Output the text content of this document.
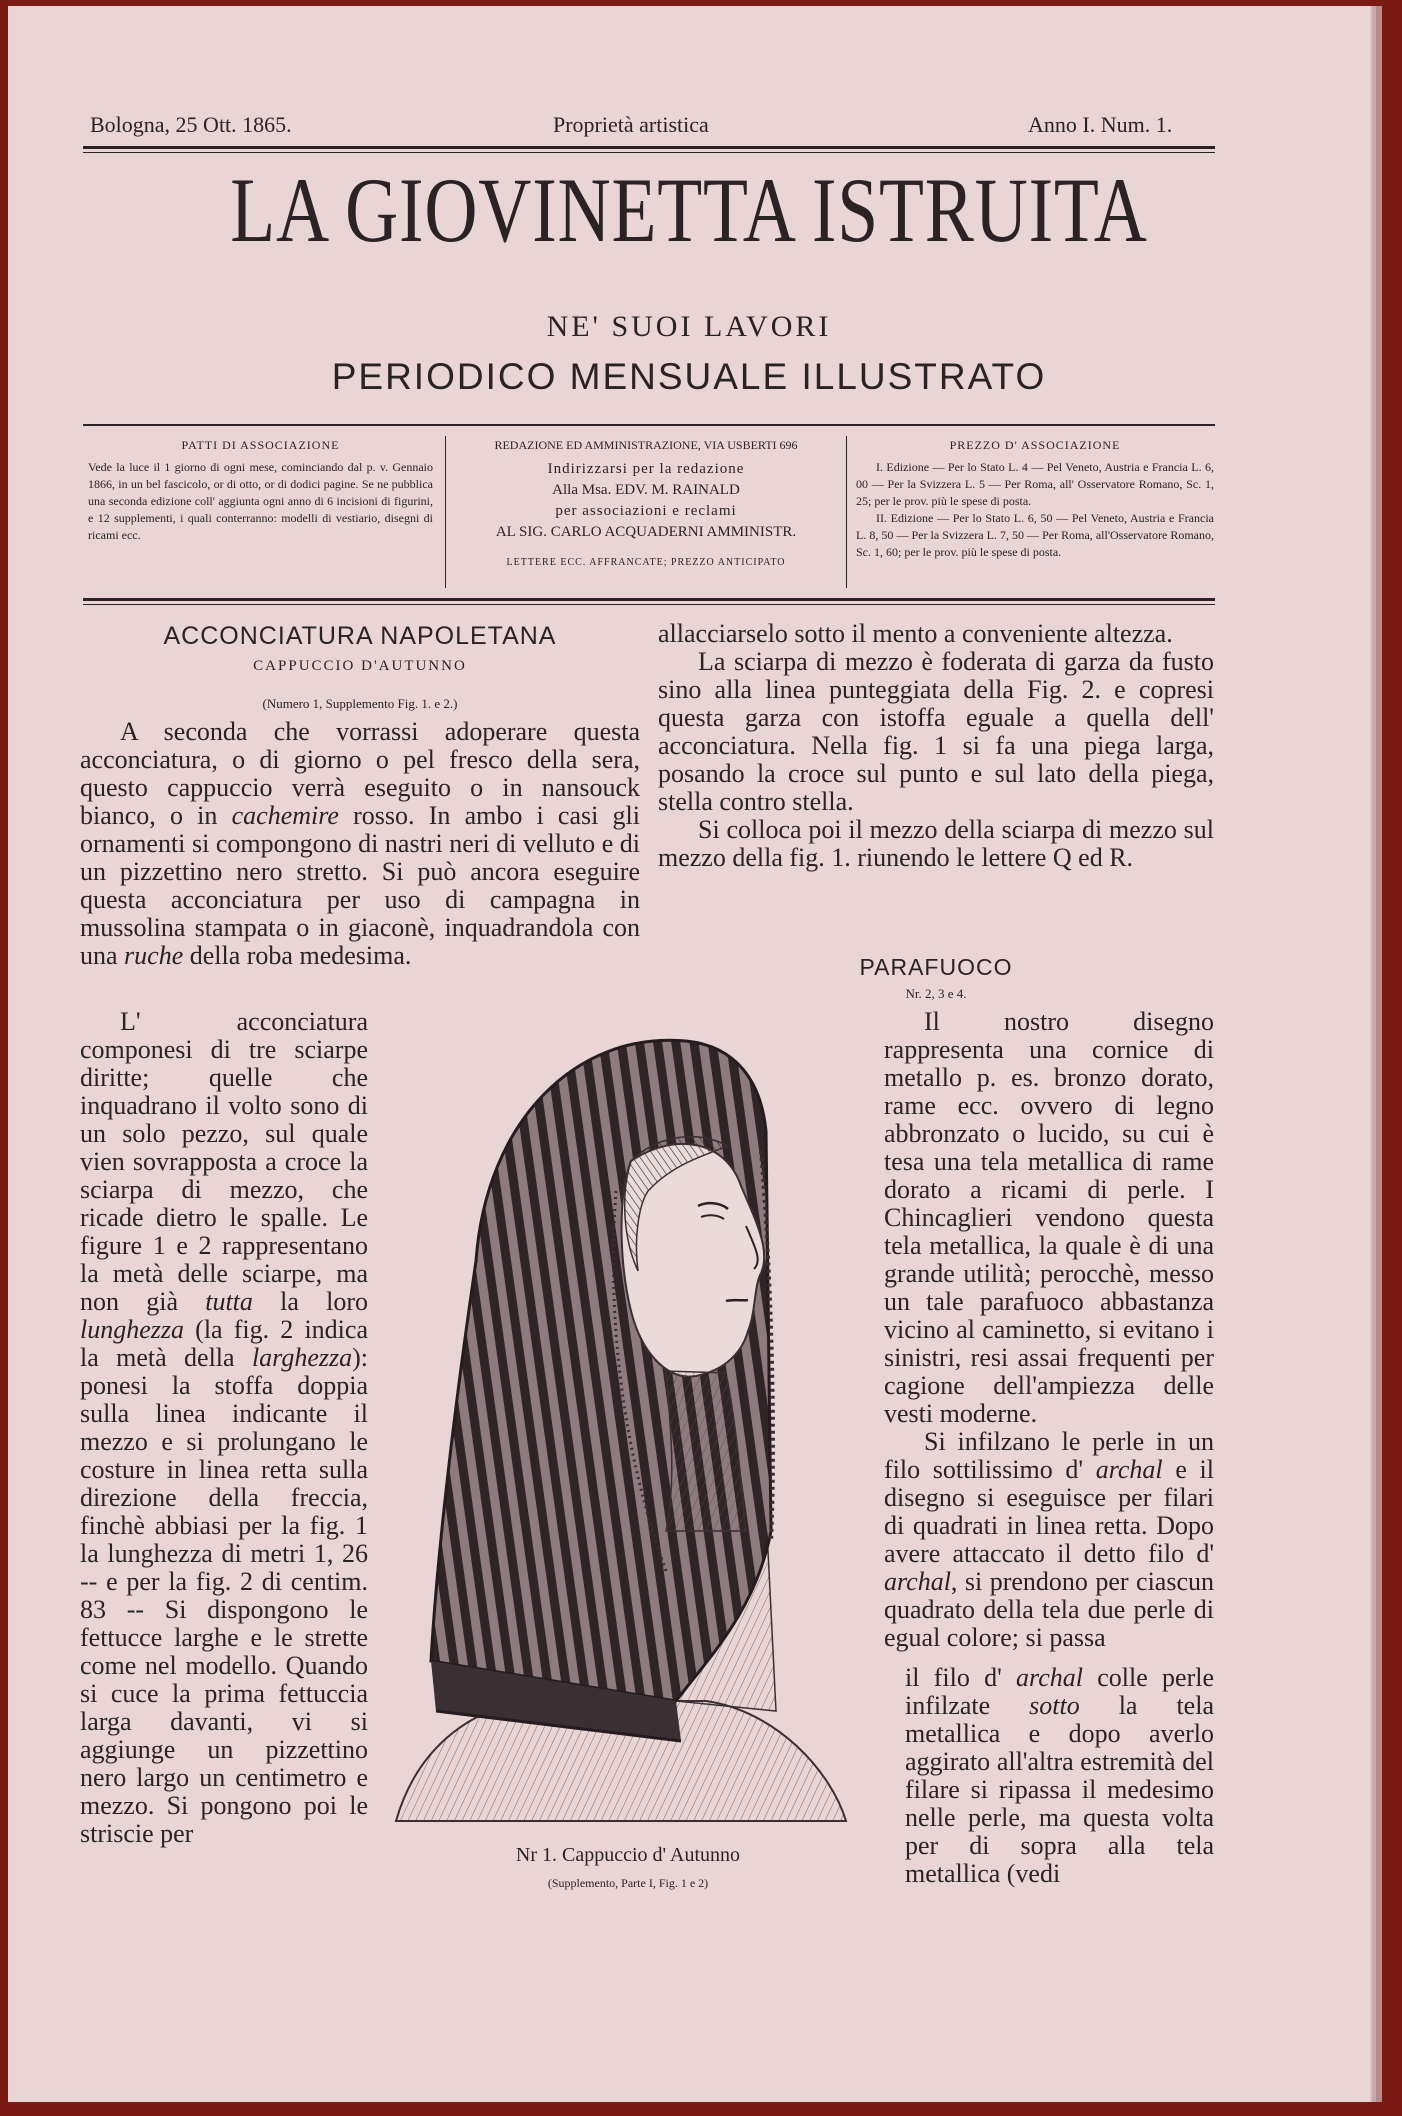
Bologna, 25 Ott. 1865.	Proprietà artistica	Anno I. Num. 1.
LA GIOVINETTA ISTRUITA
NE' SUOI LAVORI
PERIODICO MENSUALE ILLUSTRATO
PATTI DI ASSOCIAZIONE
Vede la luce il 1 giorno di ogni mese, cominciando dal p. v. Gennaio 1866, in un bel fascicolo, or di otto, or di dodici pagine. Se ne pubblica una seconda edizione coll' aggiunta ogni anno di 6 incisioni di figurini, e 12 supplementi, i quali conterranno: modelli di vestiario, disegni di ricami ecc.
REDAZIONE ED AMMINISTRAZIONE, VIA USBERTI 696
Indirizzarsi per la redazione
Alla Msa. EDV. M. RAINALD
per associazioni e reclami
AL SIG. CARLO ACQUADERNI AMMINISTR.
LETTERE ECC. AFFRANCATE; PREZZO ANTICIPATO
PREZZO D' ASSOCIAZIONE
I. Edizione — Per lo Stato L. 4 — Pel Veneto, Austria e Francia L. 6, 00 — Per la Svizzera L. 5 — Per Roma, all' Osservatore Romano, Sc. 1, 25; per le prov. più le spese di posta.
II. Edizione — Per lo Stato L. 6, 50 — Pel Veneto, Austria e Francia L. 8, 50 — Per la Svizzera L. 7, 50 — Per Roma, all'Osservatore Romano, Sc. 1, 60; per le prov. più le spese di posta.
ACCONCIATURA NAPOLETANA
CAPPUCCIO D'AUTUNNO
(Numero 1, Supplemento Fig. 1. e 2.)

A seconda che vorrassi adoperare questa acconciatura, o di giorno o pel fresco della sera, questo cappuccio verrà eseguito o in nansouck bianco, o in cachemire rosso. In ambo i casi gli ornamenti si compongono di nastri neri di velluto e di un pizzettino nero stretto. Si può ancora eseguire questa acconciatura per uso di campagna in mussolina stampata o in giaconè, inquadrandola con una ruche della roba medesima.

L' acconciatura componesi di tre sciarpe diritte; quelle che inquadrano il volto sono di un solo pezzo, sul quale vien sovrapposta a croce la sciarpa di mezzo, che ricade dietro le spalle. Le figure 1 e 2 rappresentano la metà delle sciarpe, ma non già tutta la loro lunghezza (la fig. 2 indica la metà della larghezza): ponesi la stoffa doppia sulla linea indicante il mezzo e si prolungano le costure in linea retta sulla direzione della freccia, finchè abbiasi per la fig. 1 la lunghezza di metri 1, 26 -- e per la fig. 2 di centim. 83 -- Si dispongono le fettucce larghe e le strette come nel modello. Quando si cuce la prima fettuccia larga davanti, vi si aggiunge un pizzettino nero largo un centimetro e mezzo. Si pongono poi le striscie per

allacciarselo sotto il mento a conveniente altezza.

La sciarpa di mezzo è foderata di garza da fusto sino alla linea punteggiata della Fig. 2. e copresi questa garza con istoffa eguale a quella dell' acconciatura. Nella fig. 1 si fa una piega larga, posando la croce sul punto e sul lato della piega, stella contro stella.

Si colloca poi il mezzo della sciarpa di mezzo sul mezzo della fig. 1. riunendo le lettere Q ed R.

PARAFUOCO
Nr. 2, 3 e 4.

Il nostro disegno rappresenta una cornice di metallo p. es. bronzo dorato, rame ecc. ovvero di legno abbronzato o lucido, su cui è tesa una tela metallica di rame dorato a ricami di perle. I Chincaglieri vendono questa tela metallica, la quale è di una grande utilità; perocchè, messo un tale parafuoco abbastanza vicino al caminetto, si evitano i sinistri, resi assai frequenti per cagione dell'ampiezza delle vesti moderne.

Si infilzano le perle in un filo sottilissimo d' archal e il disegno si eseguisce per filari di quadrati in linea retta. Dopo avere attaccato il detto filo d' archal, si prendono per ciascun quadrato della tela due perle di egual colore; si passa

il filo d' archal colle perle infilzate sotto la tela metallica e dopo averlo aggirato all'altra estremità del filare si ripassa il medesimo nelle perle, ma questa volta per di sopra alla tela metallica (vedi

Nr 1. Cappuccio d' Autunno
(Supplemento, Parte I, Fig. 1 e 2)
